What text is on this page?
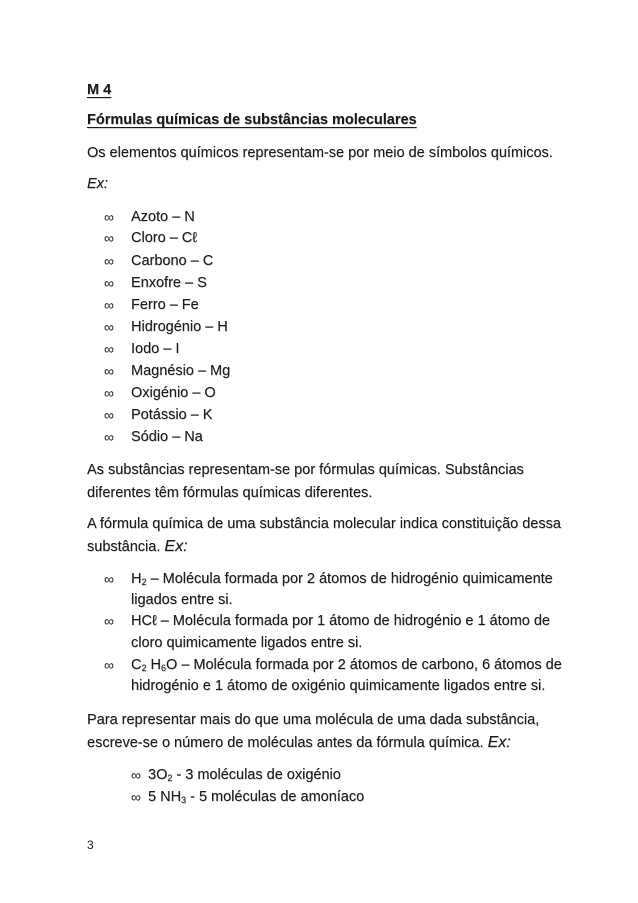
M 4
Fórmulas químicas de substâncias moleculares
Os elementos químicos representam-se por meio de símbolos químicos.
Ex:
∞ Azoto – N
∞ Cloro – Cℓ
∞ Carbono – C
∞ Enxofre – S
∞ Ferro – Fe
∞ Hidrogénio – H
∞ Iodo – I
∞ Magnésio – Mg
∞ Oxigénio – O
∞ Potássio – K
∞ Sódio – Na
As substâncias representam-se por fórmulas químicas. Substâncias
diferentes têm fórmulas químicas diferentes.
A fórmula química de uma substância molecular indica constituição dessa
substância. Ex:
∞ $H_2$ – Molécula formada por 2 átomos de hidrogénio quimicamente
ligados entre si.
∞ HCℓ – Molécula formada por 1 átomo de hidrogénio e 1 átomo de
cloro quimicamente ligados entre si.
∞ $C_2$ $H_6O$ – Molécula formada por 2 átomos de carbono, 6 átomos de
hidrogénio e 1 átomo de oxigénio quimicamente ligados entre si.
Para representar mais do que uma molécula de uma dada substância,
escreve-se o número de moléculas antes da fórmula química. Ex:
∞ $3O_2 - 3$ moléculas de oxigénio
∞ 5 $NH_3 - 5$ moléculas de amoníaco
3
